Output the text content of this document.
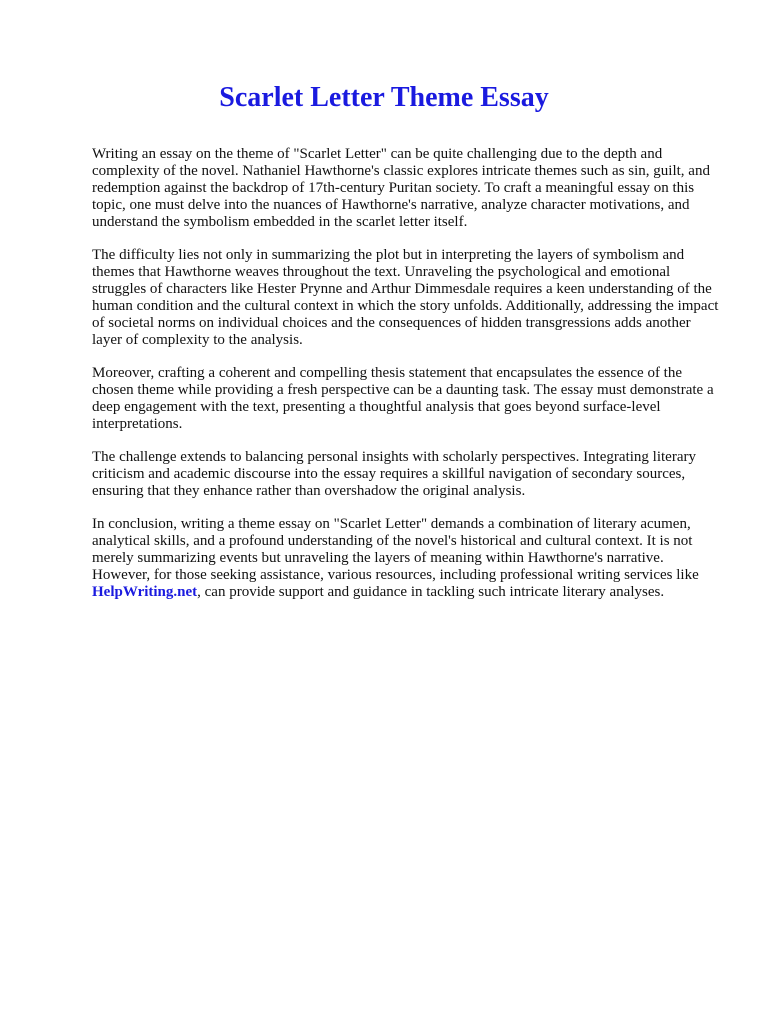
Scarlet Letter Theme Essay

Writing an essay on the theme of "Scarlet Letter" can be quite challenging due to the depth and complexity of the novel. Nathaniel Hawthorne's classic explores intricate themes such as sin, guilt, and redemption against the backdrop of 17th-century Puritan society. To craft a meaningful essay on this topic, one must delve into the nuances of Hawthorne's narrative, analyze character motivations, and understand the symbolism embedded in the scarlet letter itself.

The difficulty lies not only in summarizing the plot but in interpreting the layers of symbolism and themes that Hawthorne weaves throughout the text. Unraveling the psychological and emotional struggles of characters like Hester Prynne and Arthur Dimmesdale requires a keen understanding of the human condition and the cultural context in which the story unfolds. Additionally, addressing the impact of societal norms on individual choices and the consequences of hidden transgressions adds another layer of complexity to the analysis.

Moreover, crafting a coherent and compelling thesis statement that encapsulates the essence of the chosen theme while providing a fresh perspective can be a daunting task. The essay must demonstrate a deep engagement with the text, presenting a thoughtful analysis that goes beyond surface-level interpretations.

The challenge extends to balancing personal insights with scholarly perspectives. Integrating literary criticism and academic discourse into the essay requires a skillful navigation of secondary sources, ensuring that they enhance rather than overshadow the original analysis.

In conclusion, writing a theme essay on "Scarlet Letter" demands a combination of literary acumen, analytical skills, and a profound understanding of the novel's historical and cultural context. It is not merely summarizing events but unraveling the layers of meaning within Hawthorne's narrative. However, for those seeking assistance, various resources, including professional writing services like HelpWriting.net, can provide support and guidance in tackling such intricate literary analyses.
